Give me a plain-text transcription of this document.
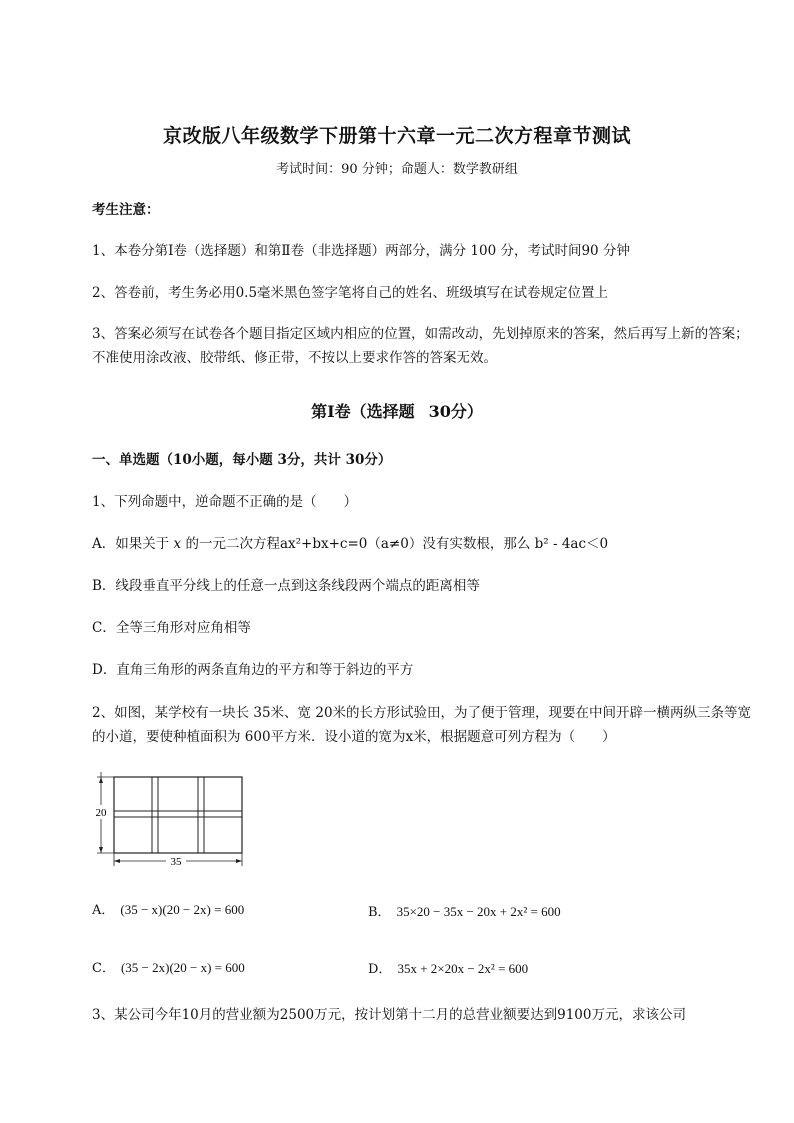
京改版八年级数学下册第十六章一元二次方程章节测试
考试时间：90 分钟；命题人：数学教研组
考生注意：
1、本卷分第Ⅰ卷（选择题）和第Ⅱ卷（非选择题）两部分，满分 100 分，考试时间90 分钟
2、答卷前，考生务必用0.5毫米黑色签字笔将自己的姓名、班级填写在试卷规定位置上
3、答案必须写在试卷各个题目指定区域内相应的位置，如需改动，先划掉原来的答案，然后再写上新的答案；不准使用涂改液、胶带纸、修正带，不按以上要求作答的答案无效。
第Ⅰ卷（选择题 30分）
一、单选题（10小题，每小题 3分，共计 30分）
1、下列命题中，逆命题不正确的是（　　）
A．如果关于 x 的一元二次方程ax²+bx+c=0（a≠0）没有实数根，那么 b² - 4ac＜0
B．线段垂直平分线上的任意一点到这条线段两个端点的距离相等
C．全等三角形对应角相等
D．直角三角形的两条直角边的平方和等于斜边的平方
2、如图，某学校有一块长 35米、宽 20米的长方形试验田，为了便于管理，现要在中间开辟一横两纵三条等宽的小道，要使种植面积为 600平方米．设小道的宽为x米，根据题意可列方程为（　　）
20
35
A． (35 − x)(20 − 2x) = 600	B． 35×20 − 35x − 20x + 2x² = 600
C． (35 − 2x)(20 − x) = 600	D． 35x + 2×20x − 2x² = 600
3、某公司今年10月的营业额为2500万元，按计划第十二月的总营业额要达到9100万元，求该公司
